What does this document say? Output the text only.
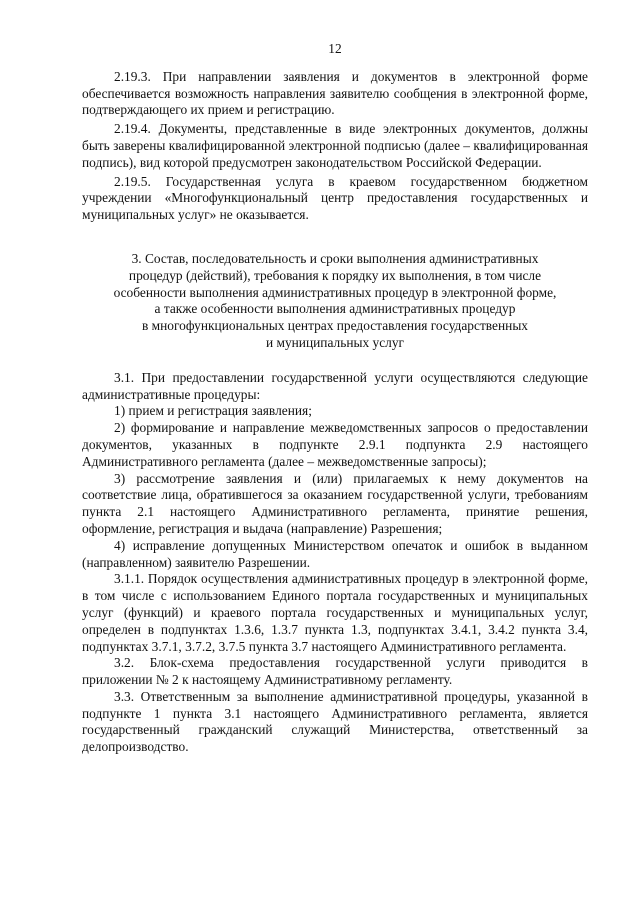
12

2.19.3. При направлении заявления и документов в электронной форме обеспечивается возможность направления заявителю сообщения в электронной форме, подтверждающего их прием и регистрацию.

2.19.4. Документы, представленные в виде электронных документов, должны быть заверены квалифицированной электронной подписью (далее – квалифицированная подпись), вид которой предусмотрен законодательством Российской Федерации.

2.19.5. Государственная услуга в краевом государственном бюджетном учреждении «Многофункциональный центр предоставления государственных и муниципальных услуг» не оказывается.

3. Состав, последовательность и сроки выполнения административных
процедур (действий), требования к порядку их выполнения, в том числе
особенности выполнения административных процедур в электронной форме,
а также особенности выполнения административных процедур
в многофункциональных центрах предоставления государственных
и муниципальных услуг

3.1. При предоставлении государственной услуги осуществляются следующие административные процедуры:

1) прием и регистрация заявления;

2) формирование и направление межведомственных запросов о предоставлении документов, указанных в подпункте 2.9.1 подпункта 2.9 настоящего Административного регламента (далее – межведомственные запросы);

3) рассмотрение заявления и (или) прилагаемых к нему документов на соответствие лица, обратившегося за оказанием государственной услуги, требованиям пункта 2.1 настоящего Административного регламента, принятие решения, оформление, регистрация и выдача (направление) Разрешения;

4) исправление допущенных Министерством опечаток и ошибок в выданном (направленном) заявителю Разрешении.

3.1.1. Порядок осуществления административных процедур в электронной форме, в том числе с использованием Единого портала государственных и муниципальных услуг (функций) и краевого портала государственных и муниципальных услуг, определен в подпунктах 1.3.6, 1.3.7 пункта 1.3, подпунктах 3.4.1, 3.4.2 пункта 3.4, подпунктах 3.7.1, 3.7.2, 3.7.5 пункта 3.7 настоящего Административного регламента.

3.2. Блок-схема предоставления государственной услуги приводится в приложении № 2 к настоящему Административному регламенту.

3.3. Ответственным за выполнение административной процедуры, указанной в подпункте 1 пункта 3.1 настоящего Административного регламента, является государственный гражданский служащий Министерства, ответственный за делопроизводство.
